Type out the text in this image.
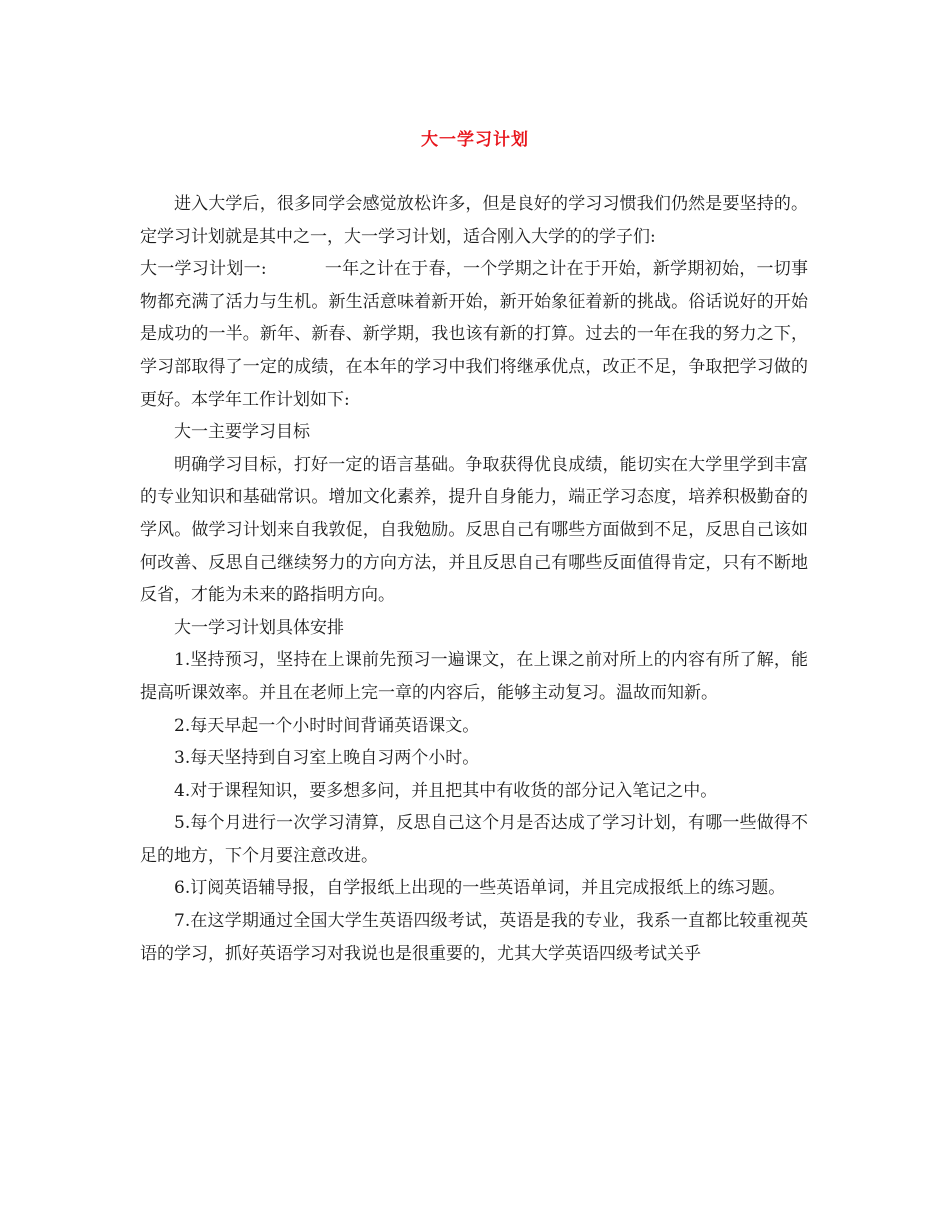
大一学习计划

进入大学后，很多同学会感觉放松许多，但是良好的学习习惯我们仍然是要坚持的。定学习计划就是其中之一，大一学习计划，适合刚入大学的的学子们:

大一学习计划一:	一年之计在于春，一个学期之计在于开始，新学期初始，一切事物都充满了活力与生机。新生活意味着新开始，新开始象征着新的挑战。俗话说好的开始是成功的一半。新年、新春、新学期，我也该有新的打算。过去的一年在我的努力之下，学习部取得了一定的成绩，在本年的学习中我们将继承优点，改正不足，争取把学习做的更好。本学年工作计划如下:

大一主要学习目标

明确学习目标，打好一定的语言基础。争取获得优良成绩，能切实在大学里学到丰富的专业知识和基础常识。增加文化素养，提升自身能力，端正学习态度，培养积极勤奋的学风。做学习计划来自我敦促，自我勉励。反思自己有哪些方面做到不足，反思自己该如何改善、反思自己继续努力的方向方法，并且反思自己有哪些反面值得肯定，只有不断地反省，才能为未来的路指明方向。

大一学习计划具体安排

1.坚持预习，坚持在上课前先预习一遍课文，在上课之前对所上的内容有所了解，能提高听课效率。并且在老师上完一章的内容后，能够主动复习。温故而知新。

2.每天早起一个小时时间背诵英语课文。

3.每天坚持到自习室上晚自习两个小时。

4.对于课程知识，要多想多问，并且把其中有收货的部分记入笔记之中。

5.每个月进行一次学习清算，反思自己这个月是否达成了学习计划，有哪一些做得不足的地方，下个月要注意改进。

6.订阅英语辅导报，自学报纸上出现的一些英语单词，并且完成报纸上的练习题。

7.在这学期通过全国大学生英语四级考试，英语是我的专业，我系一直都比较重视英语的学习，抓好英语学习对我说也是很重要的，尤其大学英语四级考试关乎
